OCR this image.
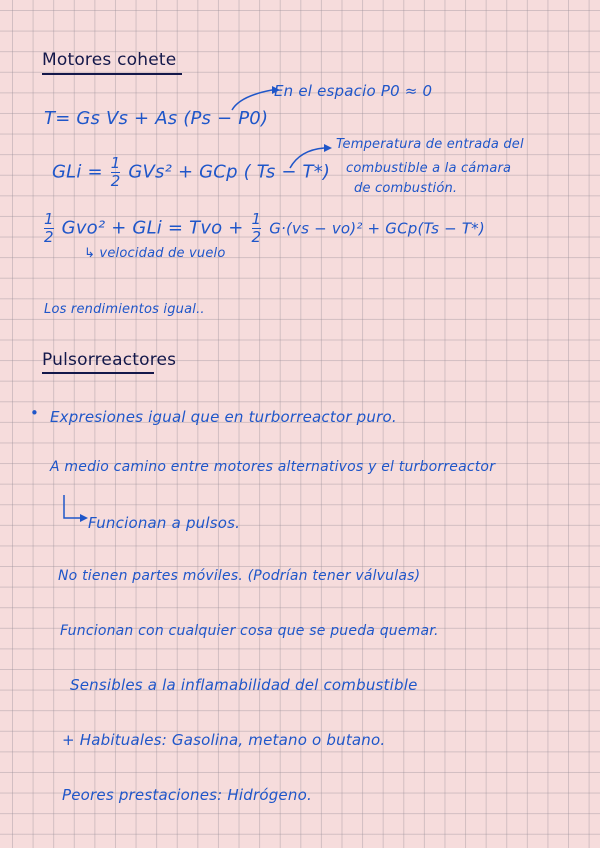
Motores cohete
T= Gs Vs + As (Ps − P0)
En el espacio P0 ≈ 0
GLi = $\frac{1}{2} GVs^2$ + GCp ( Ts − T*)
Temperatura de entrada del
combustible a la cámara
de combustión.
$\frac{1}{2} Gvo^2$ + GLi = Tvo + $\frac{1}{2} G\cdot(vs - vo)^2 + GCp(Ts - T*)$
↳ velocidad de vuelo
Los rendimientos igual..
Pulsorreactores
• Expresiones igual que en turborreactor puro.
A medio camino entre motores alternativos y el turborreactor
Funcionan a pulsos.
No tienen partes móviles. (Podrían tener válvulas)
Funcionan con cualquier cosa que se pueda quemar.
Sensibles a la inflamabilidad del combustible
+ Habituales: Gasolina, metano o butano.
Peores prestaciones: Hidrógeno.
